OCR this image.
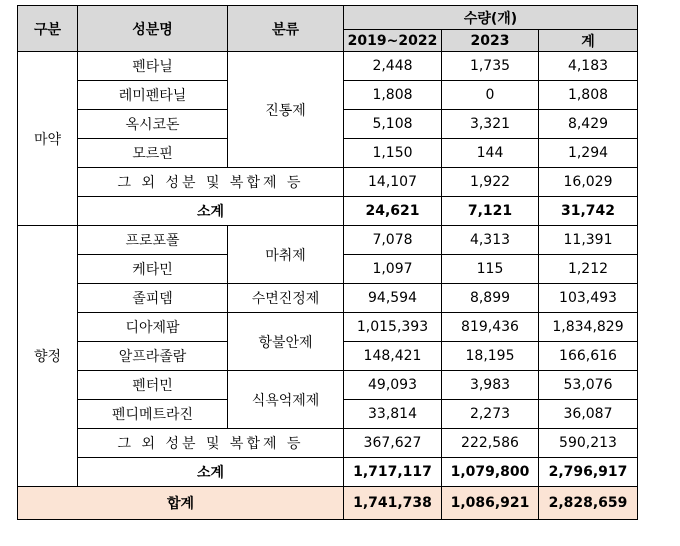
구분	성분명	분류	수량(개)		
			2019~2022	2023	계
마약	펜타닐	진통제	2,448	1,735	4,183
	레미펜타닐		1,808	0	1,808
	옥시코돈		5,108	3,321	8,429
	모르핀		1,150	144	1,294
	그 외 성분 및 복합제 등		14,107	1,922	16,029
	소계		24,621	7,121	31,742
향정	프로포폴	마취제	7,078	4,313	11,391
	케타민		1,097	115	1,212
	졸피뎀	수면진정제	94,594	8,899	103,493
	디아제팜	항불안제	1,015,393	819,436	1,834,829
	알프라졸람		148,421	18,195	166,616
	펜터민	식욕억제제	49,093	3,983	53,076
	펜디메트라진		33,814	2,273	36,087
	그 외 성분 및 복합제 등		367,627	222,586	590,213
	소계		1,717,117	1,079,800	2,796,917
합계			1,741,738	1,086,921	2,828,659
